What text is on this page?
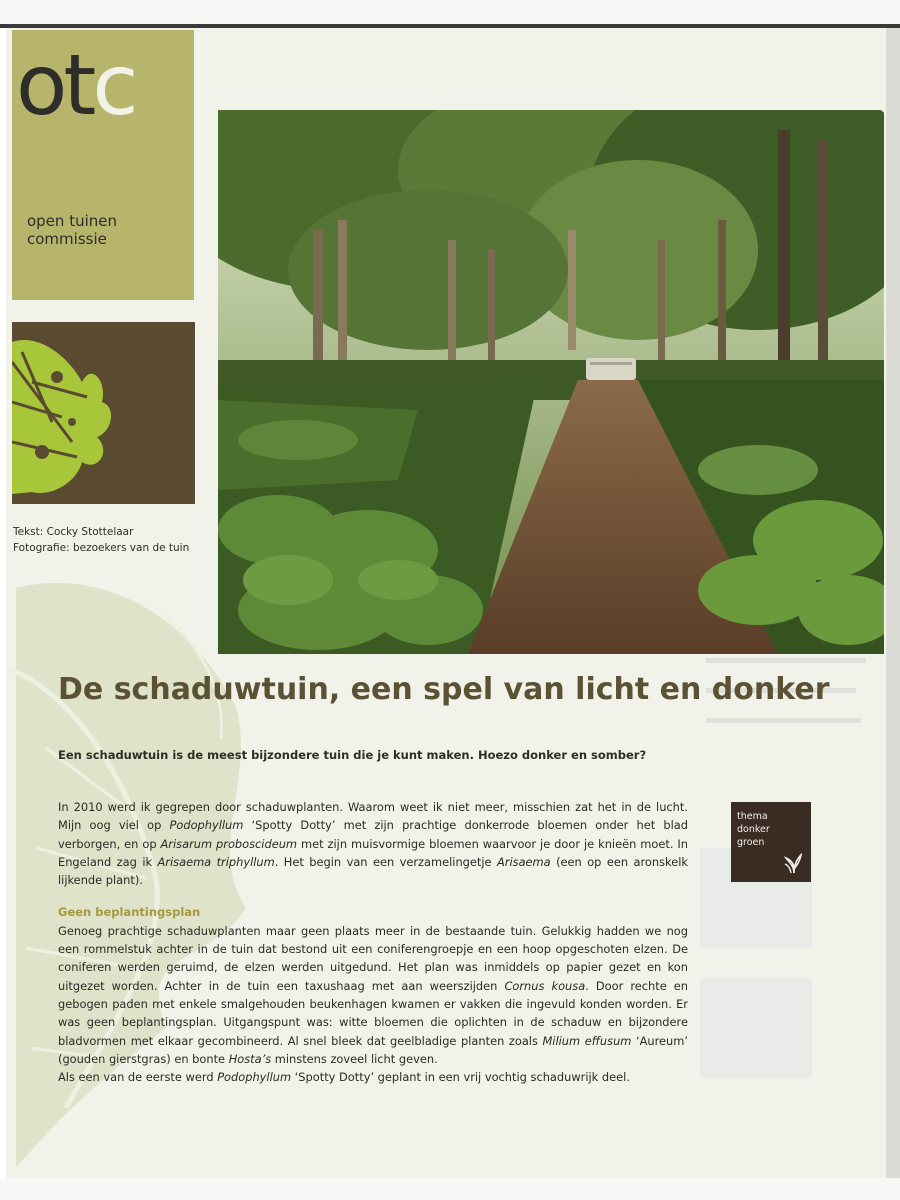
otc
open tuinen
commissie
Tekst: Cocky Stottelaar
Fotografie: bezoekers van de tuin
De schaduwtuin, een spel van licht en donker
Een schaduwtuin is de meest bijzondere tuin die je kunt maken. Hoezo donker en somber?

In 2010 werd ik gegrepen door schaduwplanten. Waarom weet ik niet meer, misschien zat het in de lucht. Mijn oog viel op Podophyllum ‘Spotty Dotty’ met zijn prachtige donkerrode bloemen onder het blad verborgen, en op Arisarum proboscideum met zijn muisvormige bloemen waarvoor je door je knieën moet. In Engeland zag ik Arisaema triphyllum. Het begin van een verzamelingetje Arisaema (een op een aronskelk lijkende plant).

Geen beplantingsplan

Genoeg prachtige schaduwplanten maar geen plaats meer in de bestaande tuin. Gelukkig hadden we nog een rommelstuk achter in de tuin dat bestond uit een coniferengroepje en een hoop opgeschoten elzen. De coniferen werden geruimd, de elzen werden uitgedund. Het plan was inmiddels op papier gezet en kon uitgezet worden. Achter in de tuin een taxushaag met aan weerszijden Cornus kousa. Door rechte en gebogen paden met enkele smalgehouden beukenhagen kwamen er vakken die ingevuld konden worden. Er was geen beplantingsplan. Uitgangspunt was: witte bloemen die oplichten in de schaduw en bijzondere bladvormen met elkaar gecombineerd. Al snel bleek dat geelbladige planten zoals Milium effusum ‘Aureum’ (gouden gierstgras) en bonte Hosta’s minstens zoveel licht geven.

Als een van de eerste werd Podophyllum ‘Spotty Dotty’ geplant in een vrij vochtig schaduwrijk deel.

thema
donker
groen
